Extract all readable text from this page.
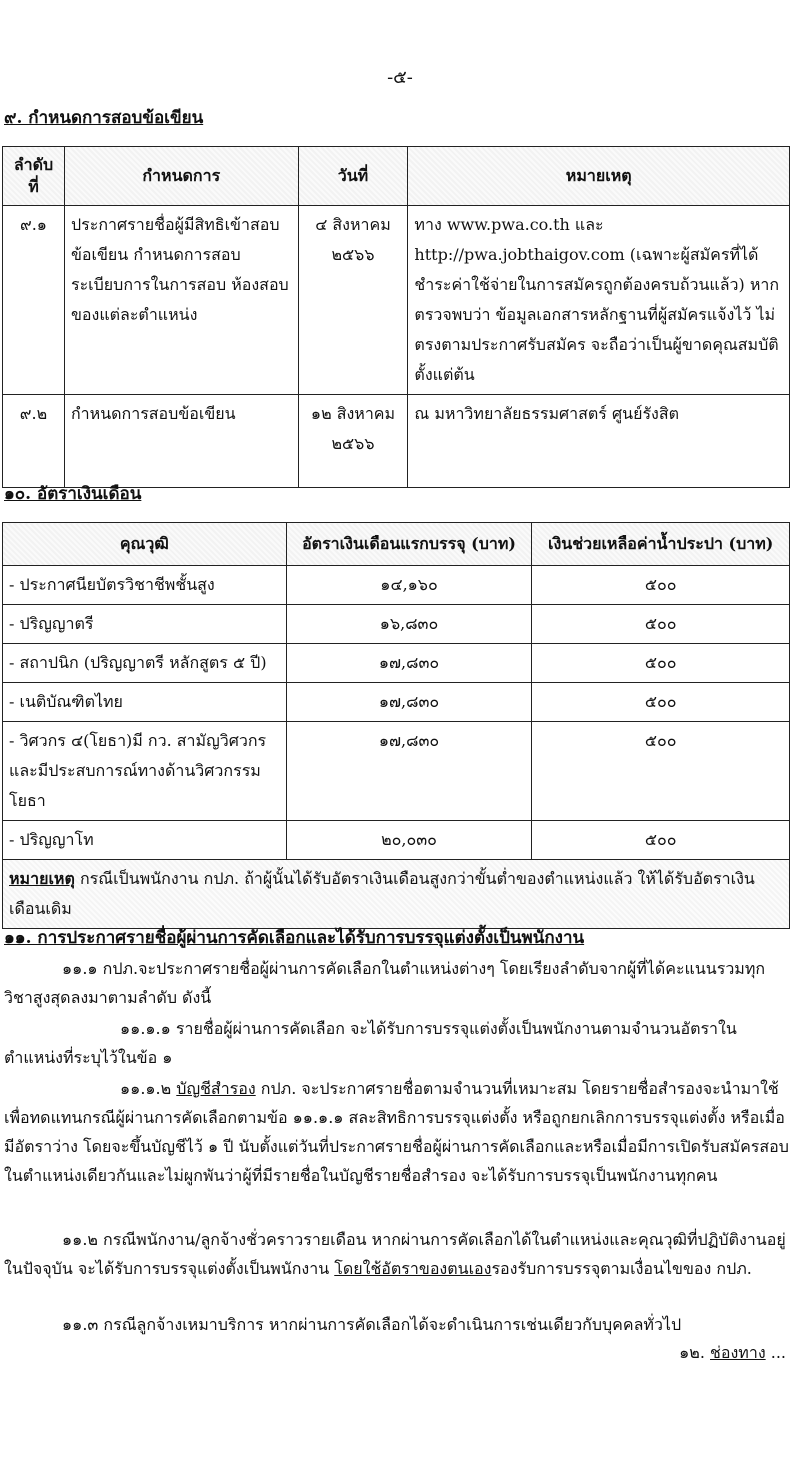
-๕-
๙. กำหนดการสอบข้อเขียน
ลำดับที่	กำหนดการ	วันที่	หมายเหตุ
๙.๑	ประกาศรายชื่อผู้มีสิทธิเข้าสอบข้อเขียน กำหนดการสอบ ระเบียบการในการสอบ ห้องสอบของแต่ละตำแหน่ง	๔ สิงหาคม ๒๕๖๖	ทาง www.pwa.co.th และ http://pwa.jobthaigov.com (เฉพาะผู้สมัครที่ได้ชำระค่าใช้จ่ายในการสมัครถูกต้องครบถ้วนแล้ว) หากตรวจพบว่า ข้อมูลเอกสารหลักฐานที่ผู้สมัครแจ้งไว้ ไม่ตรงตามประกาศรับสมัคร จะถือว่าเป็นผู้ขาดคุณสมบัติตั้งแต่ต้น
๙.๒	กำหนดการสอบข้อเขียน	๑๒ สิงหาคม ๒๕๖๖	ณ มหาวิทยาลัยธรรมศาสตร์ ศูนย์รังสิต
๑๐. อัตราเงินเดือน
คุณวุฒิ	อัตราเงินเดือนแรกบรรจุ (บาท)	เงินช่วยเหลือค่าน้ำประปา (บาท)
- ประกาศนียบัตรวิชาชีพชั้นสูง	๑๔,๑๖๐	๕๐๐
- ปริญญาตรี	๑๖,๘๓๐	๕๐๐
- สถาปนิก (ปริญญาตรี หลักสูตร ๕ ปี)	๑๗,๘๓๐	๕๐๐
- เนติบัณฑิตไทย	๑๗,๘๓๐	๕๐๐
- วิศวกร ๔(โยธา)มี กว. สามัญวิศวกรและมีประสบการณ์ทางด้านวิศวกรรมโยธา	๑๗,๘๓๐	๕๐๐
- ปริญญาโท	๒๐,๐๓๐	๕๐๐
หมายเหตุ กรณีเป็นพนักงาน กปภ. ถ้าผู้นั้นได้รับอัตราเงินเดือนสูงกว่าขั้นต่ำของตำแหน่งแล้ว ให้ได้รับอัตราเงินเดือนเดิม		
๑๑. การประกาศรายชื่อผู้ผ่านการคัดเลือกและได้รับการบรรจุแต่งตั้งเป็นพนักงาน
๑๑.๑ กปภ.จะประกาศรายชื่อผู้ผ่านการคัดเลือกในตำแหน่งต่างๆ โดยเรียงลำดับจากผู้ที่ได้คะแนนรวมทุกวิชาสูงสุดลงมาตามลำดับ ดังนี้
๑๑.๑.๑ รายชื่อผู้ผ่านการคัดเลือก จะได้รับการบรรจุแต่งตั้งเป็นพนักงานตามจำนวนอัตราในตำแหน่งที่ระบุไว้ในข้อ ๑
๑๑.๑.๒ บัญชีสำรอง กปภ. จะประกาศรายชื่อตามจำนวนที่เหมาะสม โดยรายชื่อสำรองจะนำมาใช้เพื่อทดแทนกรณีผู้ผ่านการคัดเลือกตามข้อ ๑๑.๑.๑ สละสิทธิการบรรจุแต่งตั้ง หรือถูกยกเลิกการบรรจุแต่งตั้ง หรือเมื่อมีอัตราว่าง โดยจะขึ้นบัญชีไว้ ๑ ปี นับตั้งแต่วันที่ประกาศรายชื่อผู้ผ่านการคัดเลือกและหรือเมื่อมีการเปิดรับสมัครสอบในตำแหน่งเดียวกันและไม่ผูกพันว่าผู้ที่มีรายชื่อในบัญชีรายชื่อสำรอง จะได้รับการบรรจุเป็นพนักงานทุกคน
๑๑.๒ กรณีพนักงาน/ลูกจ้างชั่วคราวรายเดือน หากผ่านการคัดเลือกได้ในตำแหน่งและคุณวุฒิที่ปฏิบัติงานอยู่ในปัจจุบัน จะได้รับการบรรจุแต่งตั้งเป็นพนักงาน โดยใช้อัตราของตนเองรองรับการบรรจุตามเงื่อนไขของ กปภ.
๑๑.๓ กรณีลูกจ้างเหมาบริการ หากผ่านการคัดเลือกได้จะดำเนินการเช่นเดียวกับบุคคลทั่วไป
๑๒. ช่องทาง ...
